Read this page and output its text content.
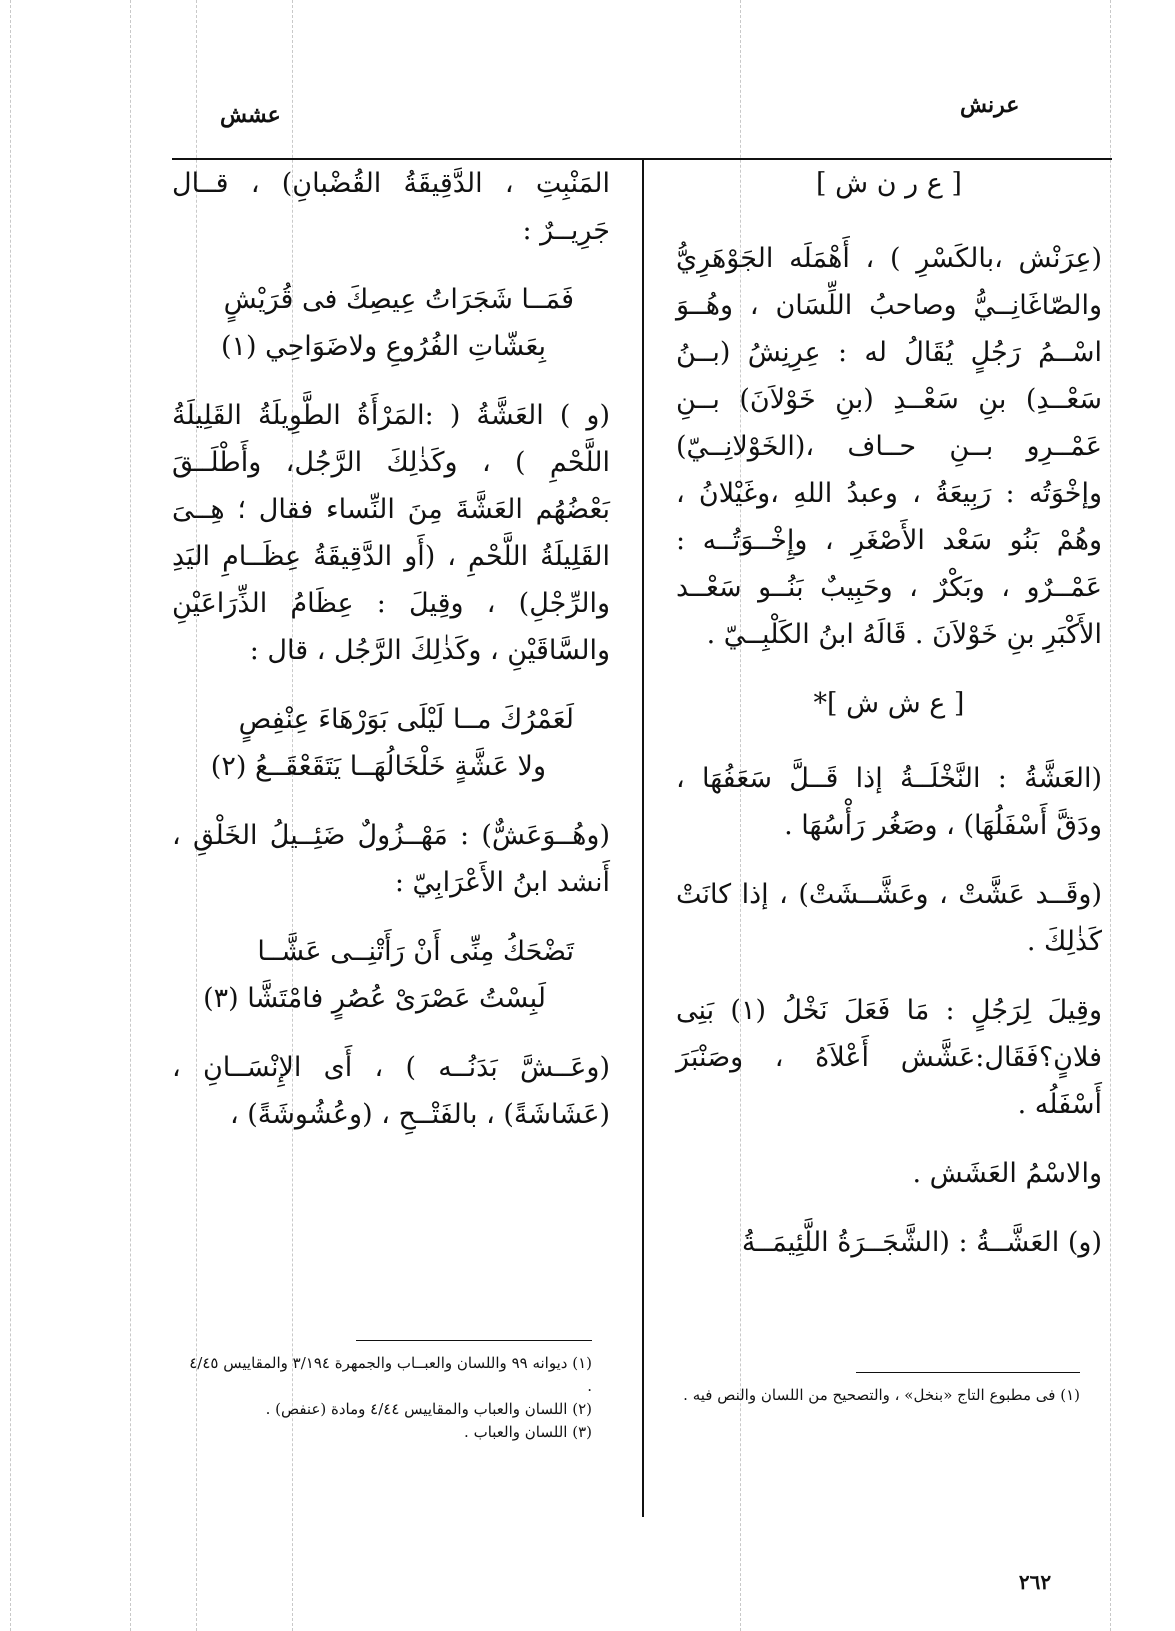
عرنش
عشش

[ ع ر ن ش ]

(عِرَنْش ،بالكَسْرِ ) ، أَهْمَلَه الجَوْهَرِيُّ والصّاغَانِــيُّ وصاحبُ اللِّسَان ، وهُــوَ اسْــمُ رَجُلٍ يُقَالُ له : عِرِنِشُ (بــنُ سَعْــدِ) بنِ سَعْــدِ (بنِ خَوْلاَنَ) بــنِ عَمْــرِو بــنِ حــاف ،(الخَوْلانِــيّ) وإخْوَتُه : رَبِيعَةُ ، وعبدُ اللهِ ،وغَيْلانُ ، وهُمْ بَنُو سَعْد الأَصْغَرِ ، وإِخْــوَتُــه : عَمْــرٌو ، وبَكْرٌ ، وحَبِيبٌ بَنُــو سَعْــد الأَكْبَرِ بنِ خَوْلاَنَ . قَالَهُ ابنُ الكَلْبِــيّ .

[ ع ش ش ]*

(العَشَّةُ : النَّخْلَــةُ إذا قَــلَّ سَعَفُهَا ، ودَقَّ أَسْفَلُهَا) ، وصَغُر رَأْسُهَا .

(وقَــد عَشَّتْ ، وعَشَّــشَتْ) ، إذا كانَتْ كَذٰلِكَ .

وقِيلَ لِرَجُلٍ : مَا فَعَلَ نَخْلُ (١) بَنِى فلانٍ؟فَقَال:عَشَّش أَعْلاَهُ ، وصَنْبَرَ أَسْفَلُه .

والاسْمُ العَشَش .

(و) العَشَّــةُ : (الشَّجَــرَةُ اللَّئِيمَــةُ

(١) فى مطبوع التاج «بنخل» ، والتصحيح من اللسان والنص فيه .

المَنْبِتِ ، الدَّقِيقَةُ القُضْبانِ) ، قــال جَرِيــرٌ :

فَمَــا شَجَرَاتُ عِيصِكَ فى قُرَيْشٍ
بِعَشّاتِ الفُرُوعِ ولاضَوَاحِي (١)

(و ) العَشَّةُ ( :المَرْأَةُ الطَّوِيلَةُ القَلِيلَةُ اللَّحْمِ ) ، وكَذٰلِكَ الرَّجُل، وأَطْلَــقَ بَعْضُهُم العَشَّةَ مِنَ النِّساء فقال ؛ هِــىَ القَلِيلَةُ اللَّحْمِ ، (أَو الدَّقِيقَةُ عِظَــامِ اليَدِ والرِّجْلِ) ، وقِيلَ : عِظَامُ الذِّرَاعَيْنِ والسَّاقَيْنِ ، وكَذٰلِكَ الرَّجُل ، قال :

لَعَمْرُكَ مــا لَيْلَى بَوَرْهَاءَ عِنْفِصٍ
ولا عَشَّةٍ خَلْخَالُهَــا يَتَقَعْقَــعُ (٢)

(وهُــوَعَشٌّ) : مَهْــزُولٌ ضَئِــيلُ الخَلْقِ ، أَنشد ابنُ الأَعْرَابِيّ :

تَضْحَكُ مِنِّى أَنْ رَأَتْنِــى عَشَّــا
لَبِسْتُ عَصْرَىْ عُصُرٍ فامْتَشَّا (٣)

(وعَــشَّ بَدَنُــه ) ، أَى الإِنْسَــانِ ، (عَشَاشَةً) ، بالفَتْــحِ ، (وعُشُوشَةً) ،

(١) ديوانه ٩٩ واللسان والعبــاب والجمهرة ٣/١٩٤ والمقاييس ٤/٤٥ .
(٢) اللسان والعباب والمقاييس ٤/٤٤ ومادة (عنفص) .
(٣) اللسان والعباب .
٢٦٢
